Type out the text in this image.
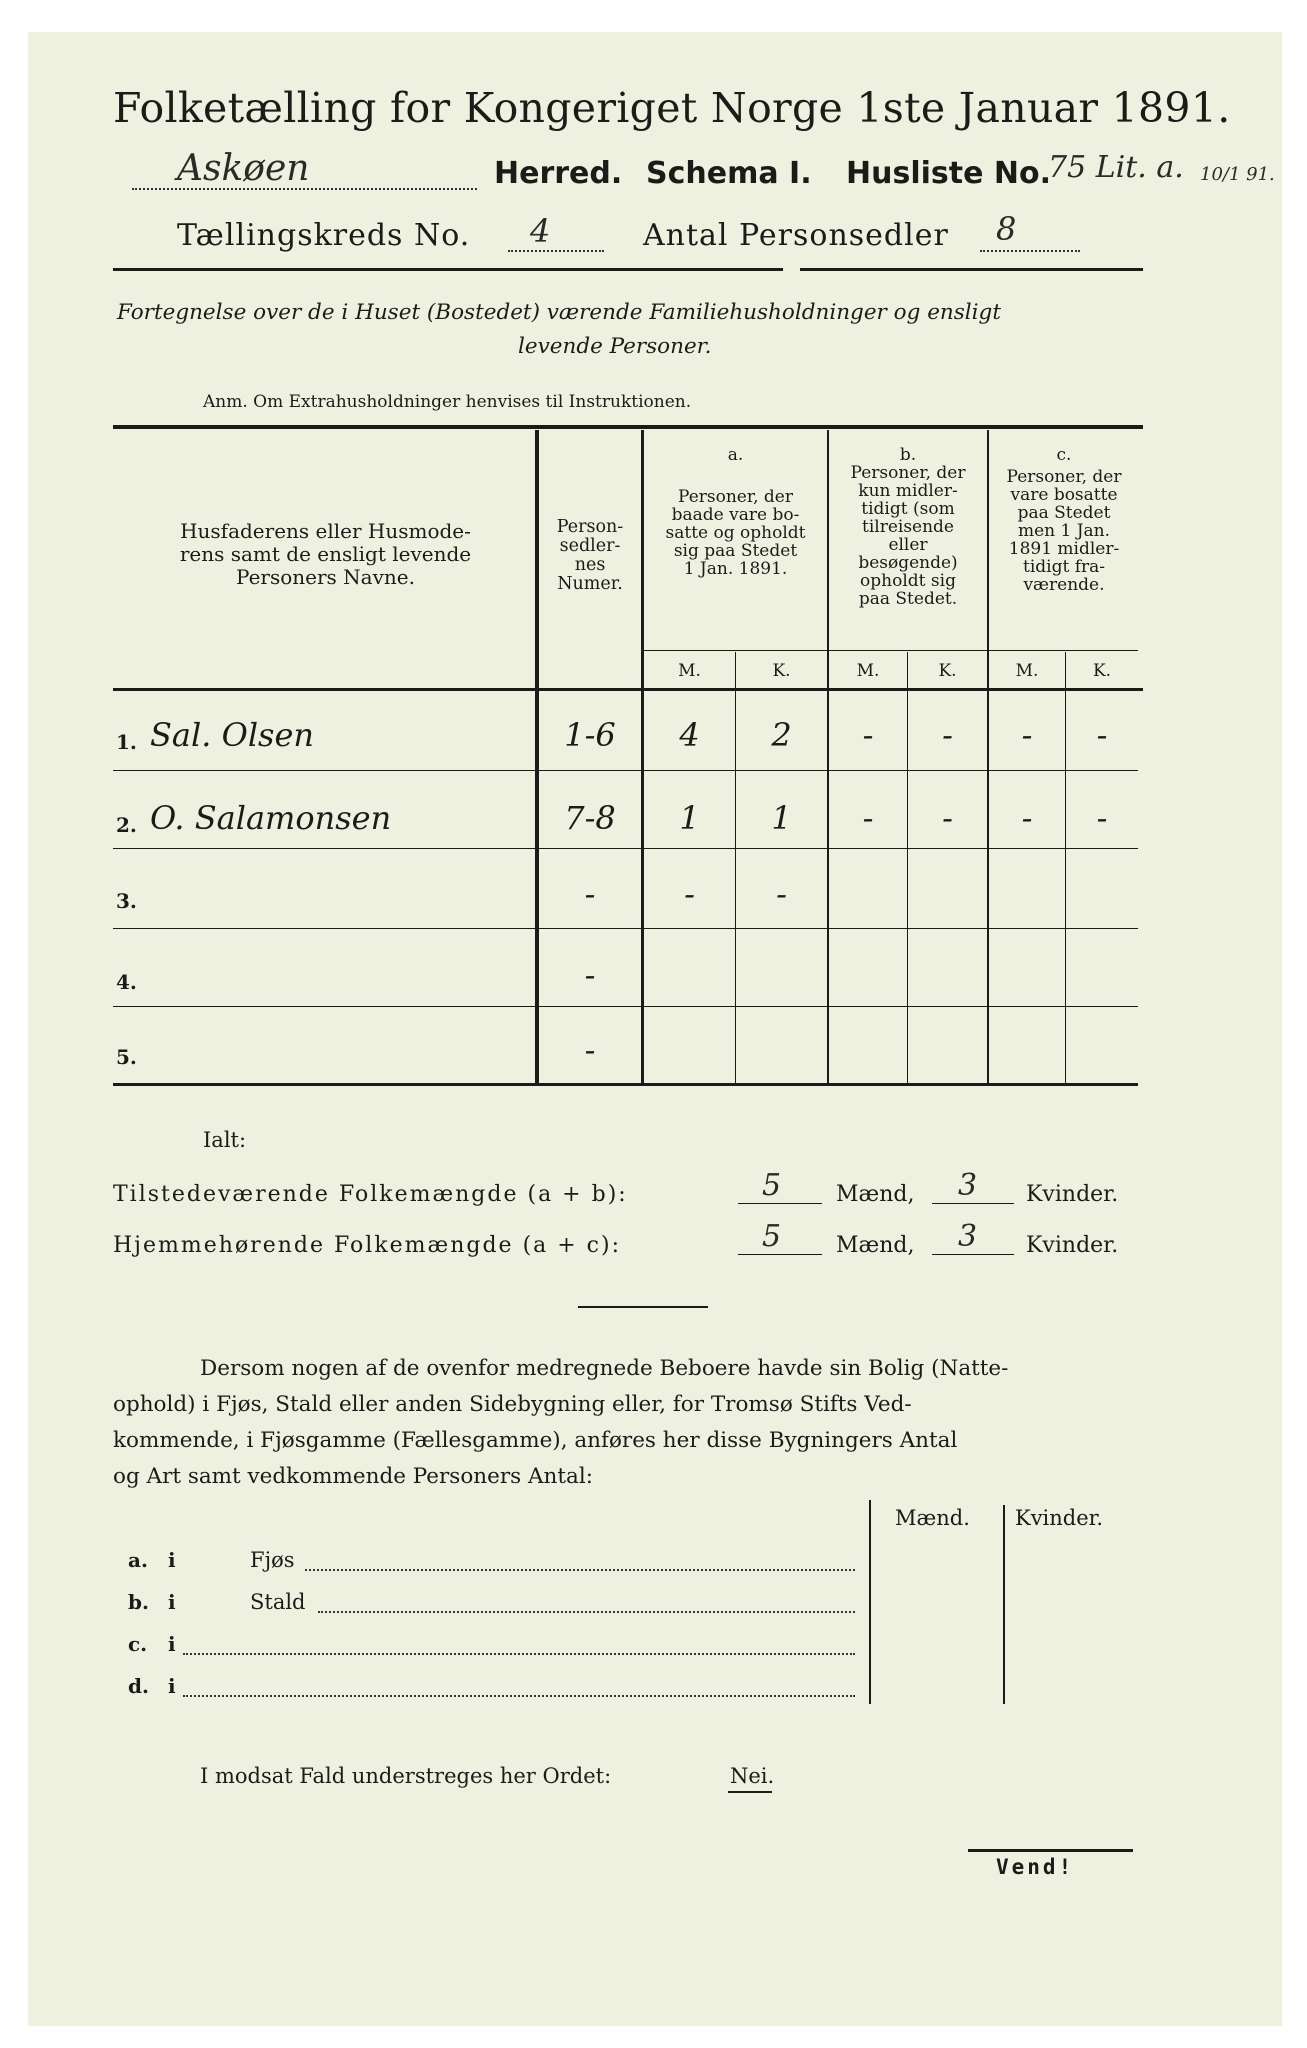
Folketælling for Kongeriget Norge 1ste Januar 1891.
Askøen	Herred. Schema I. Husliste No.
75 Lit. a. 10/1 91.
Tællingskreds No. 4	Antal Personsedler 8
Fortegnelse over de i Huset (Bostedet) værende Familiehusholdninger og ensligt
levende Personer.
Anm. Om Extrahusholdninger henvises til Instruktionen.
Husfaderens eller Husmode-
rens samt de ensligt levende
Personers Navne.
Person-
sedler-
nes
Numer.
a.
Personer, der
baade vare bo-
satte og opholdt
sig paa Stedet
1 Jan. 1891.
b.
Personer, der
kun midler-
tidigt (som
tilreisende
eller
besøgende)
opholdt sig
paa Stedet.
c.
Personer, der
vare bosatte
paa Stedet
men 1 Jan.
1891 midler-
tidigt fra-
værende.
M.	K.	M.	K.	M.	K.
1. Sal. Olsen	1-6	4	2	-	-	-	-
2. O. Salamonsen	7-8	1	1	-	-	-	-
3.	-	-	-
4.	-
5.	-
Ialt:
Tilstedeværende Folkemængde (a + b):	5 Mænd, 3 Kvinder.
Hjemmehørende Folkemængde (a + c):	5 Mænd, 3 Kvinder.
Dersom nogen af de ovenfor medregnede Beboere havde sin Bolig (Natte-
ophold) i Fjøs, Stald eller anden Sidebygning eller, for Tromsø Stifts Ved-
kommende, i Fjøsgamme (Fællesgamme), anføres her disse Bygningers Antal
og Art samt vedkommende Personers Antal:
Mænd. Kvinder.
a. i	Fjøs
b. i	Stald
c. i
d. i
I modsat Fald understreges her Ordet:	Nei.
Vend!
